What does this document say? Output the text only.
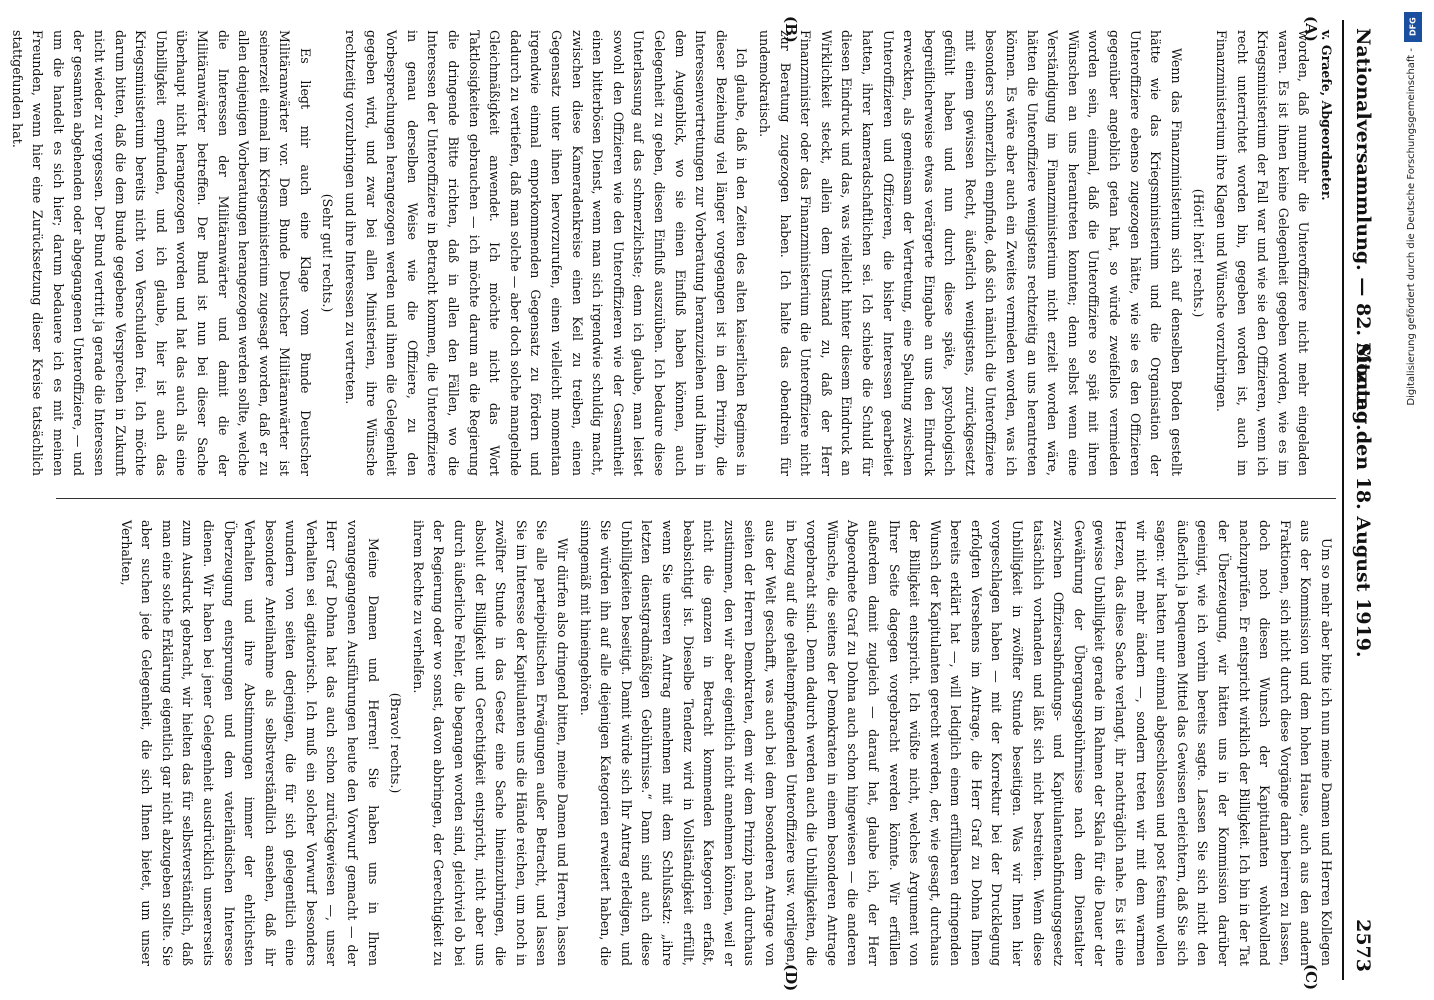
Nationalversammlung. — 82. Sitzung.
Montag den 18. August 1919.
2573
(A)
(B)
(C)
(D)

v. Graefe, Abgeordneter.

worden, daß nunmehr die Unteroffiziere nicht mehr eingeladen waren. Es ist ihnen keine Gelegenheit gegeben worden, wie es im Kriegsministerium der Fall war und wie sie den Offizieren, wenn ich recht unterrichtet worden bin, gegeben worden ist, auch im Finanzministerium ihre Klagen und Wünsche vorzubringen.

(Hört! hört! rechts.)

Wenn das Finanzministerium sich auf denselben Boden gestellt hätte wie das Kriegsministerium und die Organisation der Unteroffiziere ebenso zugezogen hätte, wie sie es den Offizieren gegenüber angeblich getan hat, so würde zweifellos vermieden worden sein, einmal, daß die Unteroffiziere so spät mit ihren Wünschen an uns herantreten konnten; denn selbst wenn eine Verständigung im Finanzministerium nicht erzielt worden wäre, hätten die Unteroffiziere wenigstens rechtzeitig an uns herantreten können. Es wäre aber auch ein Zweites vermieden worden, was ich besonders schmerzlich empfinde, daß sich nämlich die Unteroffiziere mit einem gewissen Recht, äußerlich wenigstens, zurückgesetzt gefühlt haben und nun durch diese späte, psychologisch begreiflicherweise etwas verärgerte Eingabe an uns den Eindruck erweckten, als gemeinsam der Vertretung, eine Spaltung zwischen Unteroffizieren und Offizieren, die bisher Interessen gearbeitet hatten, ihrer kameradschaftlichen sei. Ich schiebe die Schuld für diesen Eindruck und das, was vielleicht hinter diesem Eindruck an Wirklichkeit steckt, allein dem Umstand zu, daß der Herr Finanzminister oder das Finanzministerium die Unteroffiziere nicht zur Beratung zugezogen haben. Ich halte das obendrein für undemokratisch.

Ich glaube, daß in den Zeiten des alten kaiserlichen Regimes in dieser Beziehung viel länger vorgegangen ist in dem Prinzip, die Interessenvertretungen zur Vorberatung heranzuziehen und ihnen in dem Augenblick, wo sie einen Einfluß haben können, auch Gelegenheit zu geben, diesen Einfluß auszuüben. Ich bedaure diese Unterlassung auf das schmerzlichste; denn ich glaube, man leistet sowohl den Offizieren wie den Unteroffizieren wie der Gesamtheit einen bitterbösen Dienst, wenn man sich irgendwie schuldig macht, zwischen diese Kameradenkreise einen Keil zu treiben, einen Gegensatz unter ihnen hervorzurufen, einen vielleicht momentan irgendwie einmal emporkommenden Gegensatz zu fördern und dadurch zu vertiefen, daß man solche — aber doch solche mangelnde Gleichmäßigkeit anwendet. Ich möchte nicht das Wort Taktlosigkeiten gebrauchen — ich möchte darum an die Regierung die dringende Bitte richten, daß in allen den Fällen, wo die Interessen der Unteroffiziere in Betracht kommen, die Unteroffiziere in genau derselben Weise wie die Offiziere, zu den Vorbesprechungen herangezogen werden und ihnen die Gelegenheit gegeben wird, und zwar bei allen Ministerien, ihre Wünsche rechtzeitig vorzubringen und ihre Interessen zu vertreten.

(Sehr gut! rechts.)

Es liegt mir auch eine Klage vom Bunde Deutscher Militäranwärter vor. Dem Bunde Deutscher Militäranwärter ist seinerzeit einmal im Kriegsministerium zugesagt worden, daß er zu allen denjenigen Vorberatungen herangezogen werden sollte, welche die Interessen der Militäranwärter und damit die der Militäranwärter betreffen. Der Bund ist nun bei dieser Sache überhaupt nicht herangezogen worden und hat das auch als eine Unbilligkeit empfunden, und ich glaube, hier ist auch das Kriegsministerium bereits nicht von Verschulden frei. Ich möchte darum bitten, daß die dem Bunde gegebene Versprechen in Zukunft nicht wieder zu vergessen. Der Bund vertritt ja gerade die Interessen der gesamten abgehenden oder abgegangenen Unteroffiziere, — und um die handelt es sich hier; darum bedauere ich es mit meinen Freunden, wenn hier eine Zurücksetzung dieser Kreise tatsächlich stattgefunden hat.

Um so mehr aber bitte ich nun meine Damen und Herren Kollegen aus der Kommission und dem hohen Hause, auch aus den andern Fraktionen, sich nicht durch diese Vorgänge darin beirren zu lassen, doch noch diesen Wunsch der Kapitulanten wohlwollend nachzuprüfen. Er entspricht wirklich der Billigkeit. Ich bin in der Tat der Überzeugung, wir hätten uns in der Kommission darüber geeinigt, wie ich vorhin bereits sagte. Lassen Sie sich nicht den äußerlich ja bequemen Mittel das Gewissen erleichtern, daß Sie sich sagen: wir hatten nur einmal abgeschlossen und post festum wollen wir nicht mehr ändern —, sondern treten wir mit dem warmen Herzen, das diese Sache verlangt, ihr nachträglich nahe. Es ist eine gewisse Unbilligkeit gerade im Rahmen der Skala für die Dauer der Gewährung der Übergangsgebührnisse nach dem Dienstalter zwischen Offiziersabfindungs- und Kapitulantenabfindungsgesetz tatsächlich vorhanden und läßt sich nicht bestreiten. Wenn diese Unbilligkeit in zwölfter Stunde beseitigen. Was wir Ihnen hier vorgeschlagen haben — mit der Korrektur bei der Drucklegung erfolgten Versehens im Antrage, die Herr Graf zu Dohna Ihnen bereits erklärt hat —, will lediglich einem erfüllbaren dringenden Wunsch der Kapitulanten gerecht werden, der, wie gesagt, durchaus der Billigkeit entspricht. Ich wüßte nicht, welches Argument von Ihrer Seite dagegen vorgebracht werden könnte. Wir erfüllen außerdem damit zugleich — darauf hat, glaube ich, der Herr Abgeordnete Graf zu Dohna auch schon hingewiesen — die anderen Wünsche, die seitens der Demokraten in einem besonderen Antrage vorgebracht sind. Denn dadurch werden auch die Unbilligkeiten, die in bezug auf die gehaltempfangenden Unteroffiziere usw. vorliegen, aus der Welt geschafft, was auch bei dem besonderen Antrage von seiten der Herren Demokraten, dem wir dem Prinzip nach durchaus zustimmen, den wir aber eigentlich nicht annehmen können, weil er nicht die ganzen in Betracht kommenden Kategorien erfaßt, beabsichtigt ist. Dieselbe Tendenz wird in Vollständigkeit erfüllt, wenn Sie unseren Antrag annehmen mit dem Schlußsatz: „ihre letzten dienstgradmäßigen Gebührnisse.“ Dann sind auch diese Unbilligkeiten beseitigt. Damit würde sich Ihr Antrag erledigen, und Sie würden ihn auf alle diejenigen Kategorien erweitert haben, die sinngemäß mit hineingehören.

Wir dürfen also dringend bitten, meine Damen und Herren, lassen Sie alle parteipolitischen Erwägungen außer Betracht, und lassen Sie im Interesse der Kapitulanten uns die Hände reichen, um noch in zwölfter Stunde in das Gesetz eine Sache hineinzubringen, die absolut der Billigkeit und Gerechtigkeit entspricht, nicht aber uns durch äußerliche Fehler, die begangen worden sind, gleichviel ob bei der Regierung oder wo sonst, davon abbringen, der Gerechtigkeit zu ihrem Rechte zu verhelfen.

(Bravo! rechts.)

Meine Damen und Herren! Sie haben uns in Ihren vorangegangenen Ausführungen heute den Vorwurf gemacht — der Herr Graf Dohna hat das auch schon zurückgewiesen —, unser Verhalten sei agitatorisch. Ich muß ein solcher Vorwurf besonders wundern von seiten derjenigen, die für sich gelegentlich eine besondere Anteilnahme als selbstverständlich ansehen, daß ihr Verhalten und ihre Abstimmungen immer der ehrlichsten Überzeugung entsprungen und dem vaterländischen Interesse dienen. Wir haben bei jener Gelegenheit ausdrücklich unsererseits zum Ausdruck gebracht, wir hielten das für selbstverständlich, daß man eine solche Erklärung eigentlich gar nicht abzugeben sollte. Sie aber suchen jede Gelegenheit, die sich Ihnen bietet, um unser Verhalten,

DFG
Digitalisierung gefördert durch die Deutsche Forschungsgemeinschaft -
